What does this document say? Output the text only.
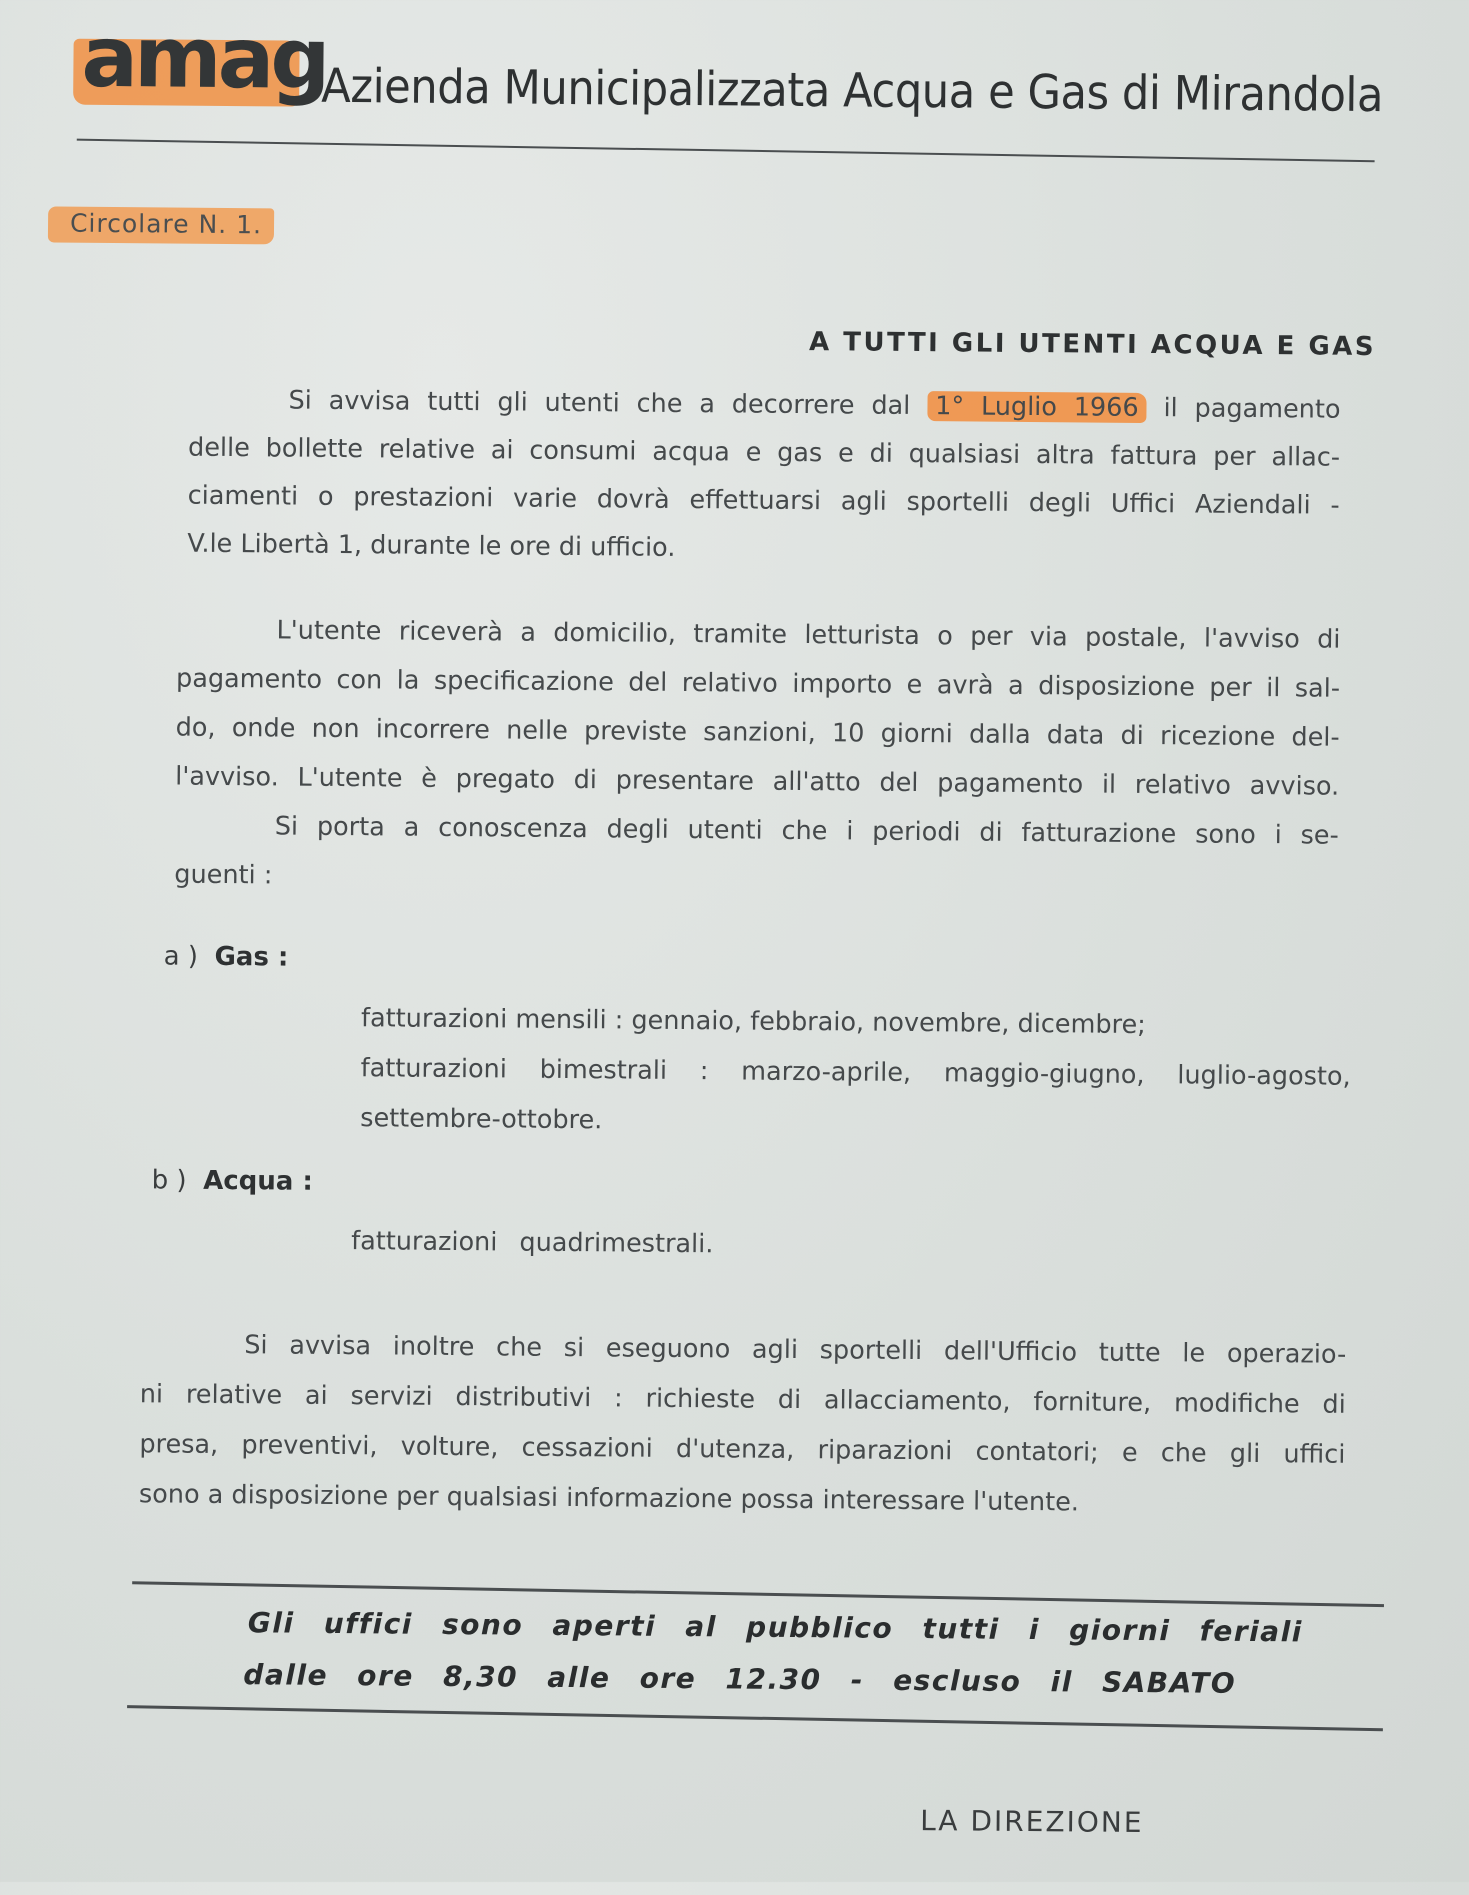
amag
Azienda Municipalizzata Acqua e Gas di Mirandola
Circolare N. 1.
A TUTTI GLI UTENTI ACQUA E GAS
Si avvisa tutti gli utenti che a decorrere dal 1° Luglio 1966 il pagamento
delle bollette relative ai consumi acqua e gas e di qualsiasi altra fattura per allac-
ciamenti o prestazioni varie dovrà effettuarsi agli sportelli degli Uffici Aziendali -
V.le Libertà 1, durante le ore di ufficio.
L'utente riceverà a domicilio, tramite letturista o per via postale, l'avviso di
pagamento con la specificazione del relativo importo e avrà a disposizione per il sal-
do, onde non incorrere nelle previste sanzioni, 10 giorni dalla data di ricezione del-
l'avviso. L'utente è pregato di presentare all'atto del pagamento il relativo avviso.
Si porta a conoscenza degli utenti che i periodi di fatturazione sono i se-
guenti :
a ) Gas :
fatturazioni mensili : gennaio, febbraio, novembre, dicembre;
fatturazioni bimestrali : marzo-aprile, maggio-giugno, luglio-agosto,
settembre-ottobre.
b ) Acqua :
fatturazioni quadrimestrali.
Si avvisa inoltre che si eseguono agli sportelli dell'Ufficio tutte le operazio-
ni relative ai servizi distributivi : richieste di allacciamento, forniture, modifiche di
presa, preventivi, volture, cessazioni d'utenza, riparazioni contatori; e che gli uffici
sono a disposizione per qualsiasi informazione possa interessare l'utente.
Gli uffici sono aperti al pubblico tutti i giorni feriali
dalle ore 8,30 alle ore 12.30 - escluso il SABATO
LA DIREZIONE
